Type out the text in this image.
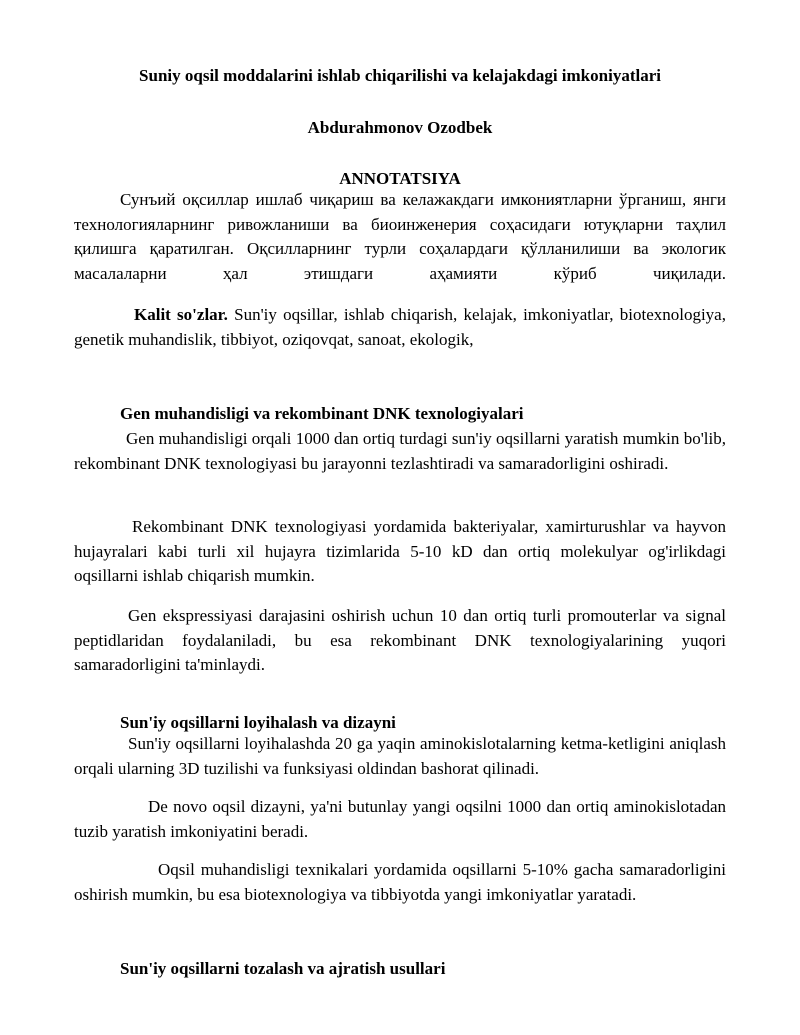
Suniy oqsil moddalarini ishlab chiqarilishi va kelajakdagi imkoniyatlari

Abdurahmonov Ozodbek

ANNOTATSIYA

Сунъий оқсиллар ишлаб чиқариш ва келажакдаги имкониятларни ўрганиш, янги технологияларнинг ривожланиши ва биоинженерия соҳасидаги ютуқларни таҳлил қилишга қаратилган. Оқсилларнинг турли соҳалардаги қўлланилиши ва экологик масалаларни ҳал этишдаги аҳамияти кўриб чиқилади.

Kalit so'zlar. Sun'iy oqsillar, ishlab chiqarish, kelajak, imkoniyatlar, biotexnologiya, genetik muhandislik, tibbiyot, oziqovqat, sanoat, ekologik,

Gen muhandisligi va rekombinant DNK texnologiyalari

Gen muhandisligi orqali 1000 dan ortiq turdagi sun'iy oqsillarni yaratish mumkin bo'lib, rekombinant DNK texnologiyasi bu jarayonni tezlashtiradi va samaradorligini oshiradi.

Rekombinant DNK texnologiyasi yordamida bakteriyalar, xamirturushlar va hayvon hujayralari kabi turli xil hujayra tizimlarida 5-10 kD dan ortiq molekulyar og'irlikdagi oqsillarni ishlab chiqarish mumkin.

Gen ekspressiyasi darajasini oshirish uchun 10 dan ortiq turli promouterlar va signal peptidlaridan foydalaniladi, bu esa rekombinant DNK texnologiyalarining yuqori samaradorligini ta'minlaydi.

Sun'iy oqsillarni loyihalash va dizayni

Sun'iy oqsillarni loyihalashda 20 ga yaqin aminokislotalarning ketma-ketligini aniqlash orqali ularning 3D tuzilishi va funksiyasi oldindan bashorat qilinadi.

De novo oqsil dizayni, ya'ni butunlay yangi oqsilni 1000 dan ortiq aminokislotadan tuzib yaratish imkoniyatini beradi.

Oqsil muhandisligi texnikalari yordamida oqsillarni 5-10% gacha samaradorligini oshirish mumkin, bu esa biotexnologiya va tibbiyotda yangi imkoniyatlar yaratadi.

Sun'iy oqsillarni tozalash va ajratish usullari
